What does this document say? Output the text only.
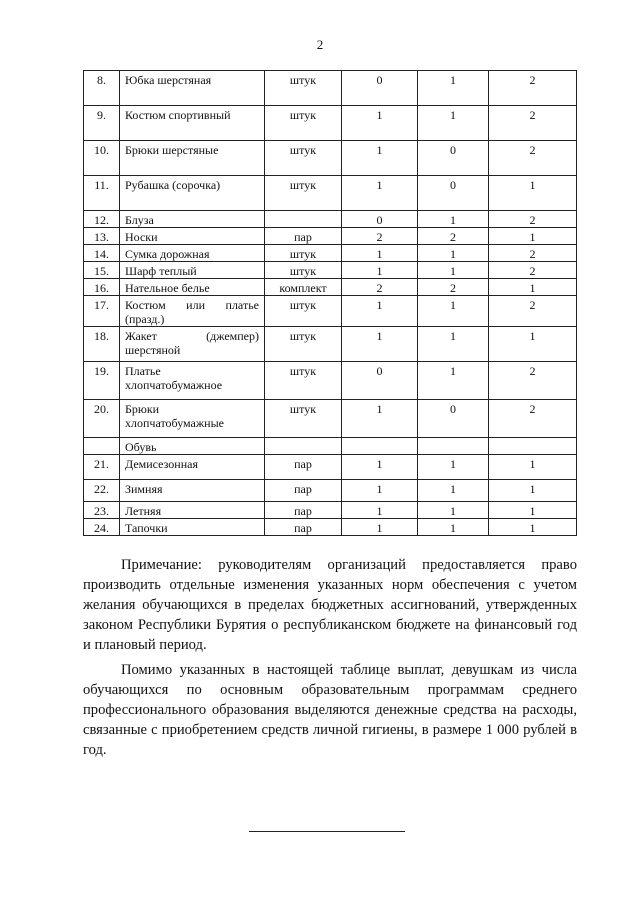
2
8.	Юбка шерстяная	штук	0	1	2
9.	Костюм спортивный	штук	1	1	2
10.	Брюки шерстяные	штук	1	0	2
11.	Рубашка (сорочка)	штук	1	0	1
12.	Блуза		0	1	2
13.	Носки	пар	2	2	1
14.	Сумка дорожная	штук	1	1	2
15.	Шарф теплый	штук	1	1	2
16.	Нательное белье	комплект	2	2	1
17.	Костюм или платье (празд.)	штук	1	1	2
18.	Жакет (джемпер) шерстяной	штук	1	1	1
19.	Платье хлопчатобумажное	штук	0	1	2
20.	Брюки хлопчатобумажные	штук	1	0	2
	Обувь				
21.	Демисезонная	пар	1	1	1
22.	Зимняя	пар	1	1	1
23.	Летняя	пар	1	1	1
24.	Тапочки	пар	1	1	1

Примечание: руководителям организаций предоставляется право производить отдельные изменения указанных норм обеспечения с учетом желания обучающихся в пределах бюджетных ассигнований, утвержденных законом Республики Бурятия о республиканском бюджете на финансовый год и плановый период.

Помимо указанных в настоящей таблице выплат, девушкам из числа обучающихся по основным образовательным программам среднего профессионального образования выделяются денежные средства на расходы, связанные с приобретением средств личной гигиены, в размере 1 000 рублей в год.
